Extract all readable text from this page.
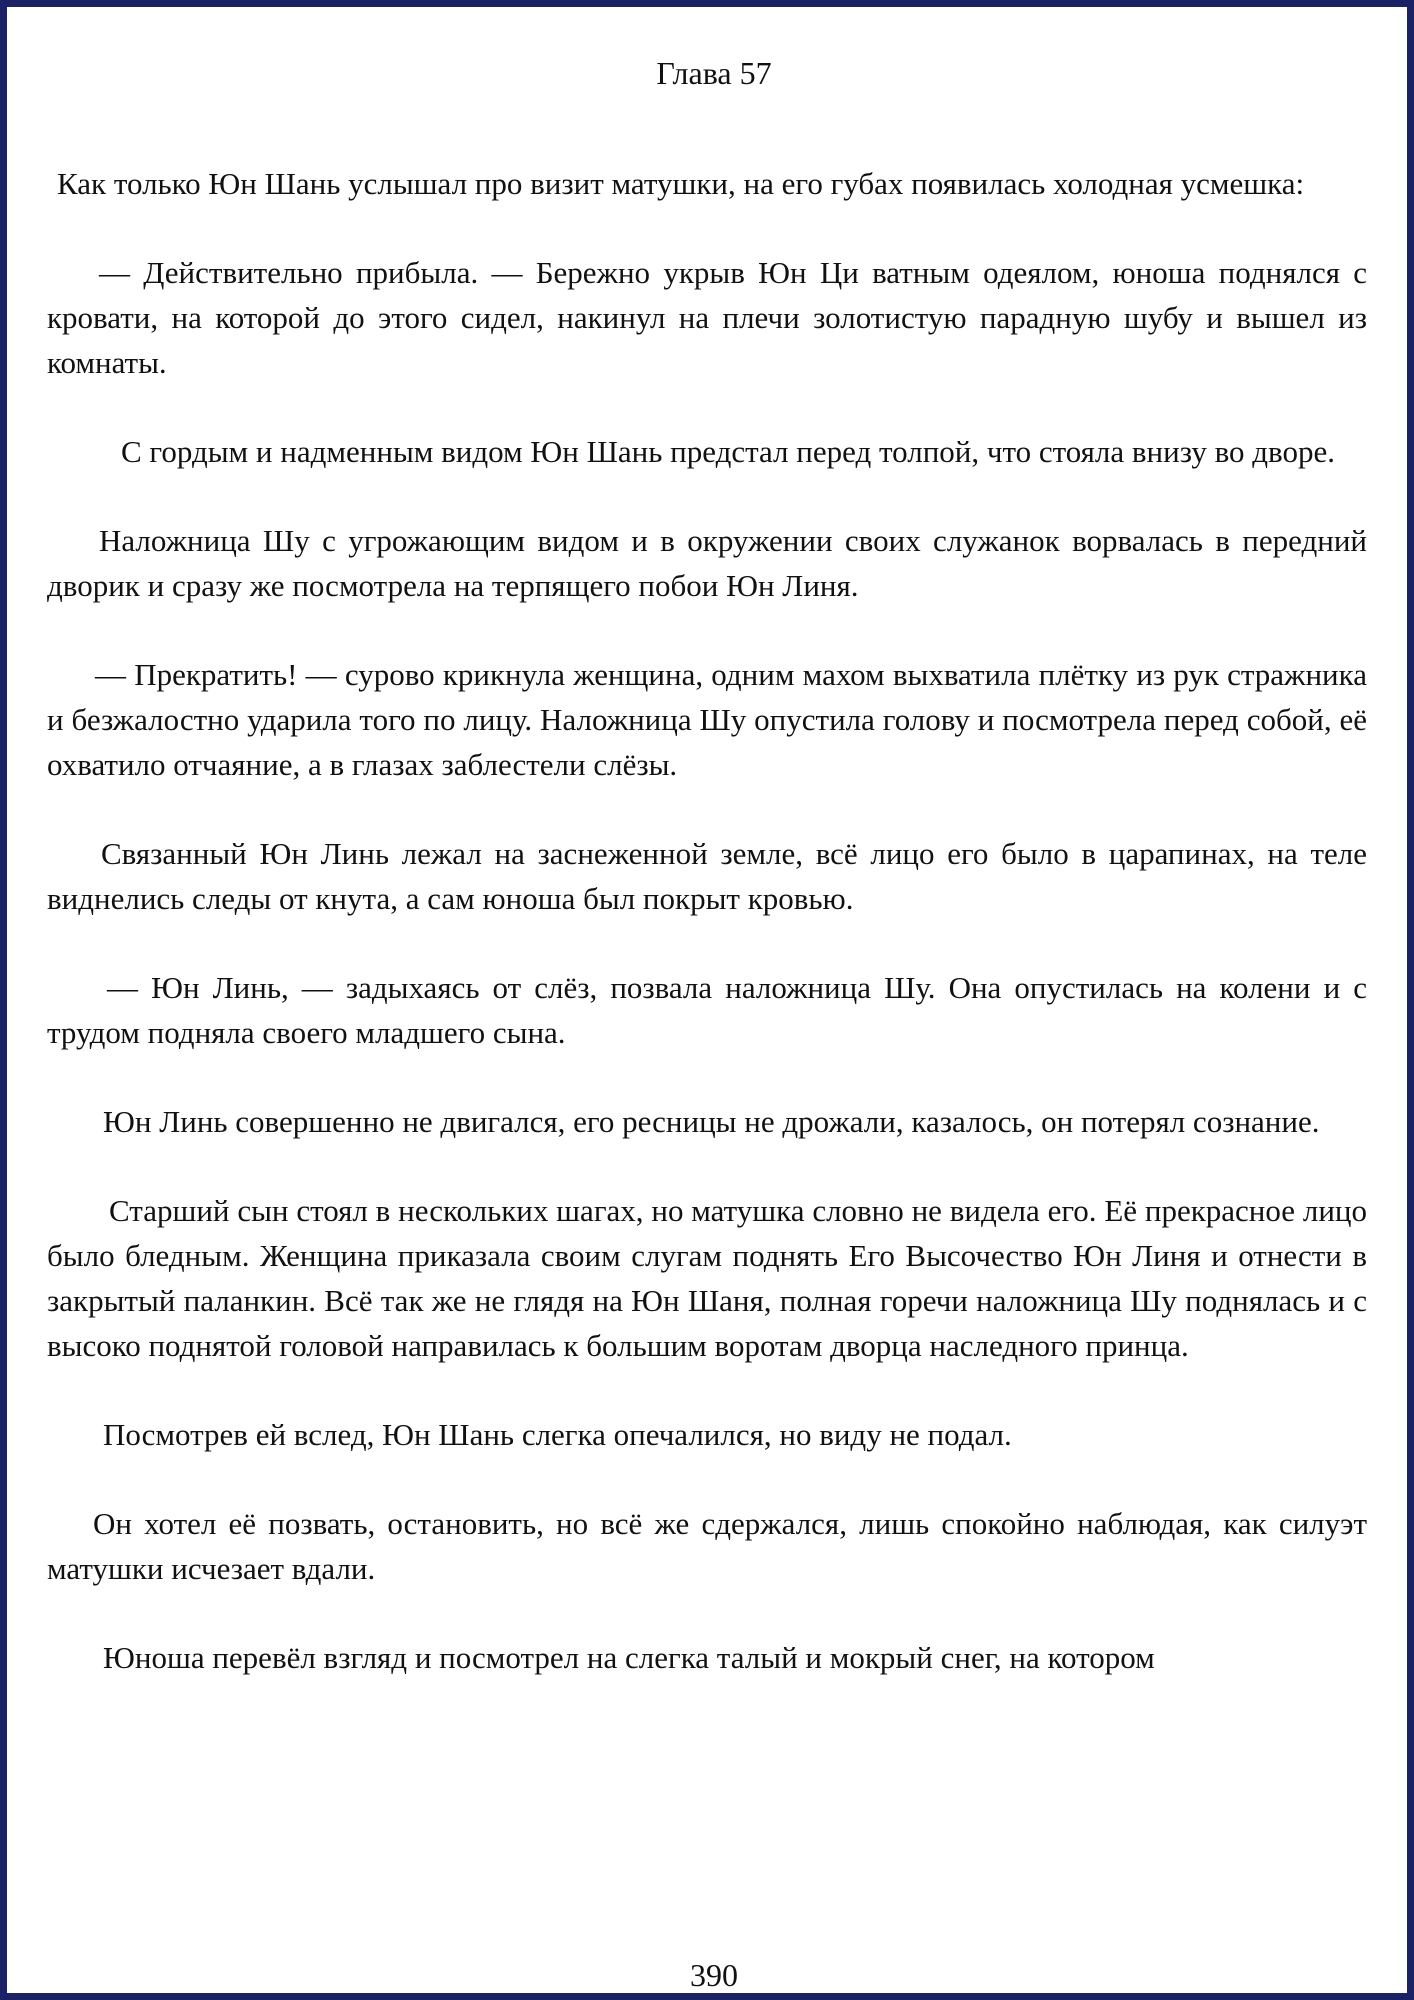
Глава 57

Как только Юн Шань услышал про визит матушки, на его губах появилась холодная усмешка:

— Действительно прибыла. — Бережно укрыв Юн Ци ватным одеялом, юноша поднялся с кровати, на которой до этого сидел, накинул на плечи золотистую парадную шубу и вышел из комнаты.

С гордым и надменным видом Юн Шань предстал перед толпой, что стояла внизу во дворе.

Наложница Шу с угрожающим видом и в окружении своих служанок ворвалась в передний дворик и сразу же посмотрела на терпящего побои Юн Линя.

— Прекратить! — сурово крикнула женщина, одним махом выхватила плётку из рук стражника и безжалостно ударила того по лицу. Наложница Шу опустила голову и посмотрела перед собой, её охватило отчаяние, а в глазах заблестели слёзы.

Связанный Юн Линь лежал на заснеженной земле, всё лицо его было в царапинах, на теле виднелись следы от кнута, а сам юноша был покрыт кровью.

— Юн Линь, — задыхаясь от слёз, позвала наложница Шу. Она опустилась на колени и с трудом подняла своего младшего сына.

Юн Линь совершенно не двигался, его ресницы не дрожали, казалось, он потерял сознание.

Старший сын стоял в нескольких шагах, но матушка словно не видела его. Её прекрасное лицо было бледным. Женщина приказала своим слугам поднять Его Высочество Юн Линя и отнести в закрытый паланкин. Всё так же не глядя на Юн Шаня, полная горечи наложница Шу поднялась и с высоко поднятой головой направилась к большим воротам дворца наследного принца.

Посмотрев ей вслед, Юн Шань слегка опечалился, но виду не подал.

Он хотел её позвать, остановить, но всё же сдержался, лишь спокойно наблюдая, как силуэт матушки исчезает вдали.

Юноша перевёл взгляд и посмотрел на слегка талый и мокрый снег, на котором

390
